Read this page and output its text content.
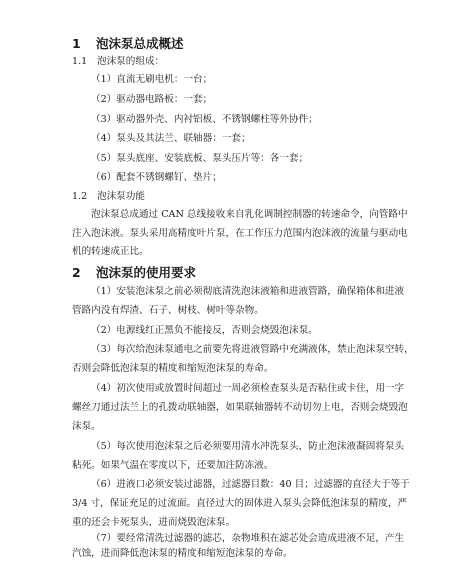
1 泡沫泵总成概述
1.1 泡沫泵的组成：
（1）直流无刷电机：一台；
（2）驱动器电路板：一套；
（3）驱动器外壳、内衬铝板、不锈钢螺柱等外协件；
（4）泵头及其法兰、联轴器：一套；
（5）泵头底座、安装底板、泵头压片等：各一套；
（6）配套不锈钢螺钉、垫片；
1.2 泡沫泵功能
泡沫泵总成通过 CAN 总线接收来自乳化调制控制器的转速命令，向管路中
注入泡沫液。泵头采用高精度叶片泵，在工作压力范围内泡沫液的流量与驱动电
机的转速成正比。
2 泡沫泵的使用要求
（1）安装泡沫泵之前必须彻底清洗泡沫液箱和进液管路，确保箱体和进液
管路内没有焊渣、石子、树枝、树叶等杂物。
（2）电源线红正黑负不能接反，否则会烧毁泡沫泵。
（3）每次给泡沫泵通电之前要先将进液管路中充满液体，禁止泡沫泵空转，
否则会降低泡沫泵的精度和缩短泡沫泵的寿命。
（4）初次使用或放置时间超过一周必须检查泵头是否粘住或卡住，用一字
螺丝刀通过法兰上的孔拨动联轴器，如果联轴器转不动切勿上电，否则会烧毁泡
沫泵。
（5）每次使用泡沫泵之后必须要用清水冲洗泵头，防止泡沫液凝固将泵头
粘死。如果气温在零度以下，还要加注防冻液。
（6）进液口必须安装过滤器，过滤器目数：40 目；过滤器的直径大于等于
3/4 寸，保证充足的过流面。直径过大的固体进入泵头会降低泡沫泵的精度，严
重的还会卡死泵头，进而烧毁泡沫泵。
（7）要经常清洗过滤器的滤芯，杂物堆积在滤芯处会造成进液不足，产生
汽蚀，进而降低泡沫泵的精度和缩短泡沫泵的寿命。
